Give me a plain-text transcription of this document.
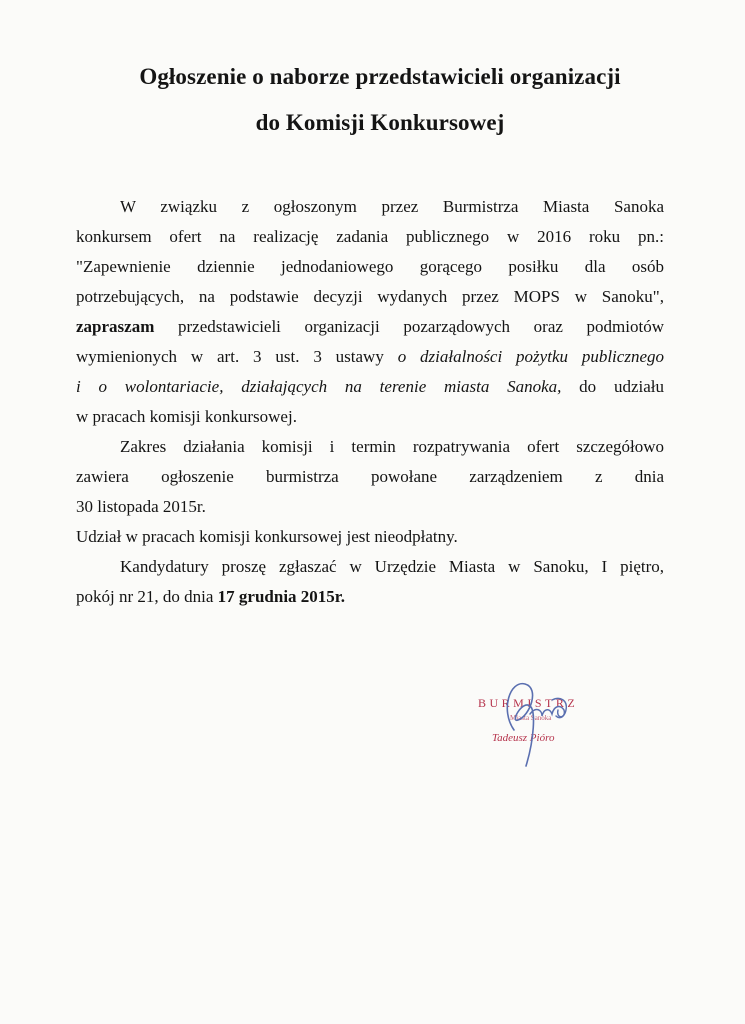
Ogłoszenie o naborze przedstawicieli organizacji
do Komisji Konkursowej

W związku z ogłoszonym przez Burmistrza Miasta Sanoka

konkursem ofert na realizację zadania publicznego w 2016 roku pn.:

"Zapewnienie dziennie jednodaniowego gorącego posiłku dla osób

potrzebujących, na podstawie decyzji wydanych przez MOPS w Sanoku",

zapraszam przedstawicieli organizacji pozarządowych oraz podmiotów

wymienionych w art. 3 ust. 3 ustawy o działalności pożytku publicznego

i o wolontariacie, działających na terenie miasta Sanoka, do udziału

w pracach komisji konkursowej.

Zakres działania komisji i termin rozpatrywania ofert szczegółowo

zawiera ogłoszenie burmistrza powołane zarządzeniem z dnia

30 listopada 2015r.

Udział w pracach komisji konkursowej jest nieodpłatny.

Kandydatury proszę zgłaszać w Urzędzie Miasta w Sanoku, I piętro,

pokój nr 21, do dnia 17 grudnia 2015r.

BURMISTRZ
Miasta Sanoka
Tadeusz Pióro
